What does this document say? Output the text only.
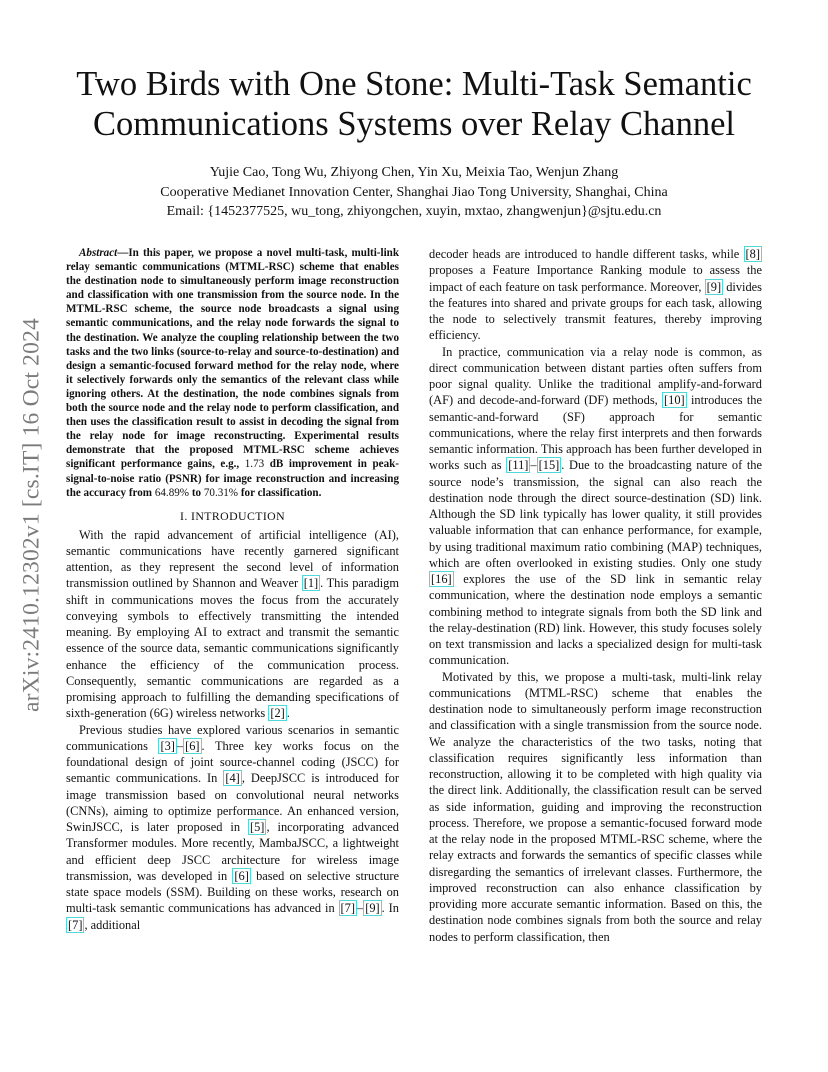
arXiv:2410.12302v1 [cs.IT] 16 Oct 2024
Two Birds with One Stone: Multi-Task Semantic Communications Systems over Relay Channel
Yujie Cao, Tong Wu, Zhiyong Chen, Yin Xu, Meixia Tao, Wenjun Zhang
Cooperative Medianet Innovation Center, Shanghai Jiao Tong University, Shanghai, China
Email: {1452377525, wu_tong, zhiyongchen, xuyin, mxtao, zhangwenjun}@sjtu.edu.cn

Abstract—In this paper, we propose a novel multi-task, multi-link relay semantic communications (MTML-RSC) scheme that enables the destination node to simultaneously perform image reconstruction and classification with one transmission from the source node. In the MTML-RSC scheme, the source node broadcasts a signal using semantic communications, and the relay node forwards the signal to the destination. We analyze the coupling relationship between the two tasks and the two links (source-to-relay and source-to-destination) and design a semantic-focused forward method for the relay node, where it selectively forwards only the semantics of the relevant class while ignoring others. At the destination, the node combines signals from both the source node and the relay node to perform classification, and then uses the classification result to assist in decoding the signal from the relay node for image reconstructing. Experimental results demonstrate that the proposed MTML-RSC scheme achieves significant performance gains, e.g., 1.73 dB improvement in peak-signal-to-noise ratio (PSNR) for image reconstruction and increasing the accuracy from 64.89% to 70.31% for classification.

I. INTRODUCTION

With the rapid advancement of artificial intelligence (AI), semantic communications have recently garnered significant attention, as they represent the second level of information transmission outlined by Shannon and Weaver [1] . This paradigm shift in communications moves the focus from the accurately conveying symbols to effectively transmitting the intended meaning. By employing AI to extract and transmit the semantic essence of the source data, semantic communications significantly enhance the efficiency of the communication process. Consequently, semantic communications are regarded as a promising approach to fulfilling the demanding specifications of sixth-generation (6G) wireless networks [2] .

Previous studies have explored various scenarios in semantic communications [3] – [6] . Three key works focus on the foundational design of joint source-channel coding (JSCC) for semantic communications. In [4] , DeepJSCC is introduced for image transmission based on convolutional neural networks (CNNs), aiming to optimize performance. An enhanced version, SwinJSCC, is later proposed in [5] , incorporating advanced Transformer modules. More recently, MambaJSCC, a lightweight and efficient deep JSCC architecture for wireless image transmission, was developed in [6] based on selective structure state space models (SSM). Building on these works, research on multi-task semantic communications has advanced in [7] – [9] . In [7] , additional

decoder heads are introduced to handle different tasks, while [8] proposes a Feature Importance Ranking module to assess the impact of each feature on task performance. Moreover, [9] divides the features into shared and private groups for each task, allowing the node to selectively transmit features, thereby improving efficiency.

In practice, communication via a relay node is common, as direct communication between distant parties often suffers from poor signal quality. Unlike the traditional amplify-and-forward (AF) and decode-and-forward (DF) methods, [10] introduces the semantic-and-forward (SF) approach for semantic communications, where the relay first interprets and then forwards semantic information. This approach has been further developed in works such as [11] – [15] . Due to the broadcasting nature of the source node’s transmission, the signal can also reach the destination node through the direct source-destination (SD) link. Although the SD link typically has lower quality, it still provides valuable information that can enhance performance, for example, by using traditional maximum ratio combining (MAP) techniques, which are often overlooked in existing studies. Only one study [16] explores the use of the SD link in semantic relay communication, where the destination node employs a semantic combining method to integrate signals from both the SD link and the relay-destination (RD) link. However, this study focuses solely on text transmission and lacks a specialized design for multi-task communication.

Motivated by this, we propose a multi-task, multi-link relay communications (MTML-RSC) scheme that enables the destination node to simultaneously perform image reconstruction and classification with a single transmission from the source node. We analyze the characteristics of the two tasks, noting that classification requires significantly less information than reconstruction, allowing it to be completed with high quality via the direct link. Additionally, the classification result can be served as side information, guiding and improving the reconstruction process. Therefore, we propose a semantic-focused forward mode at the relay node in the proposed MTML-RSC scheme, where the relay extracts and forwards the semantics of specific classes while disregarding the semantics of irrelevant classes. Furthermore, the improved reconstruction can also enhance classification by providing more accurate semantic information. Based on this, the destination node combines signals from both the source and relay nodes to perform classification, then
